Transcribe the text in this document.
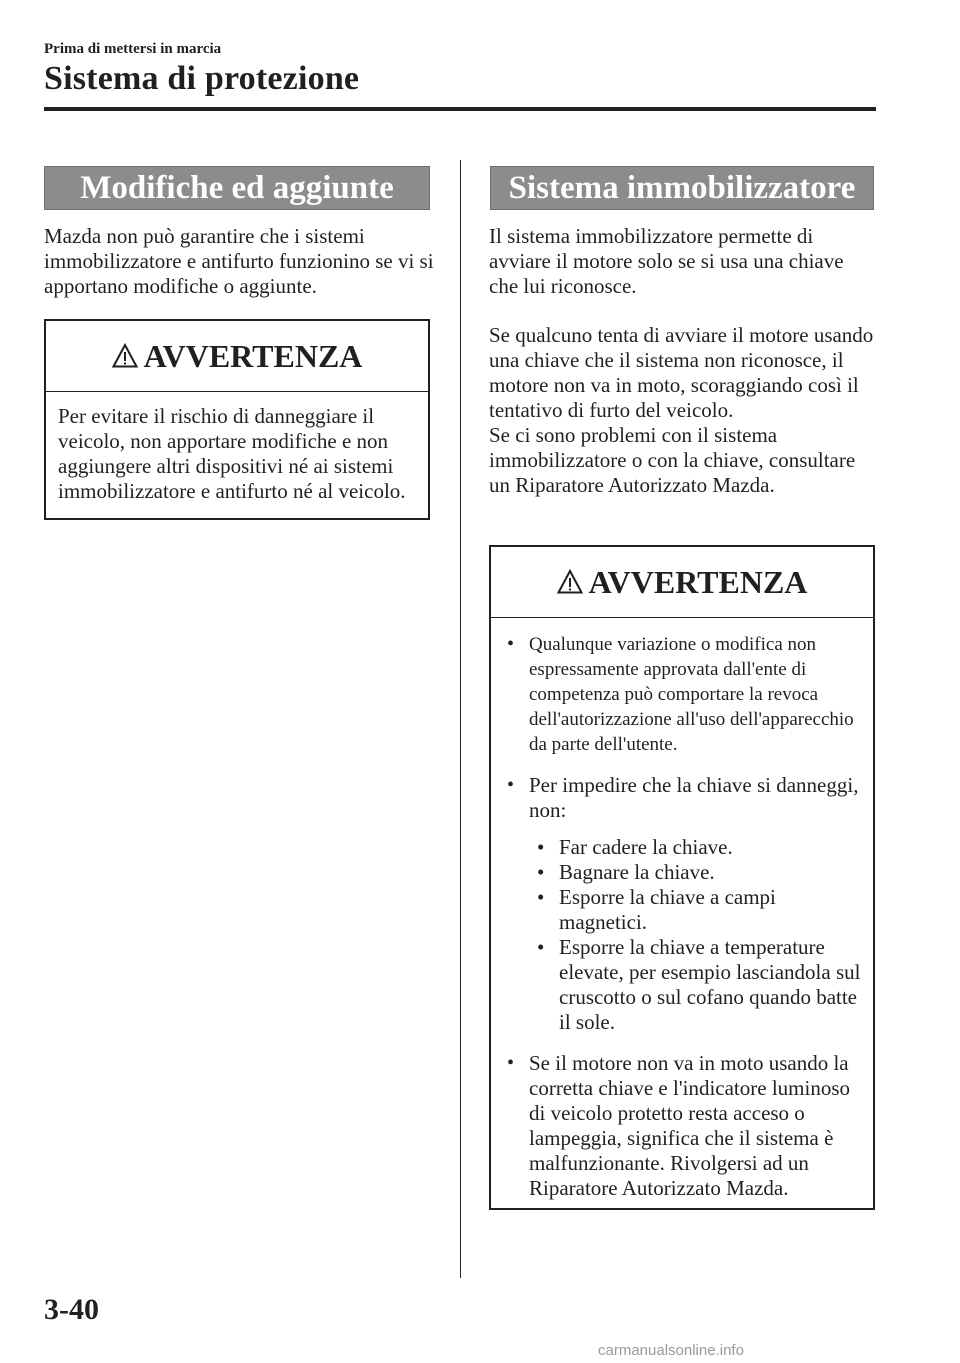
Prima di mettersi in marcia
Sistema di protezione
Modifiche ed aggiunte

Mazda non può garantire che i sistemi immobilizzatore e antifurto funzionino se vi si apportano modifiche o aggiunte.

AVVERTENZA
Per evitare il rischio di danneggiare il veicolo, non apportare modifiche e non aggiungere altri dispositivi né ai sistemi immobilizzatore e antifurto né al veicolo.
Sistema immobilizzatore

Il sistema immobilizzatore permette di avviare il motore solo se si usa una chiave che lui riconosce.

Se qualcuno tenta di avviare il motore usando una chiave che il sistema non riconosce, il motore non va in moto, scoraggiando così il tentativo di furto del veicolo.

Se ci sono problemi con il sistema immobilizzatore o con la chiave, consultare un Riparatore Autorizzato Mazda.

AVVERTENZA
• Qualunque variazione o modifica non espressamente approvata dall'ente di competenza può comportare la revoca dell'autorizzazione all'uso dell'apparecchio da parte dell'utente.
• Per impedire che la chiave si danneggi, non:
• Far cadere la chiave.
• Bagnare la chiave.
• Esporre la chiave a campi magnetici.
• Esporre la chiave a temperature elevate, per esempio lasciandola sul cruscotto o sul cofano quando batte il sole.
• Se il motore non va in moto usando la corretta chiave e l'indicatore luminoso di veicolo protetto resta acceso o lampeggia, significa che il sistema è malfunzionante. Rivolgersi ad un Riparatore Autorizzato Mazda.
3-40
carmanualsonline.info
